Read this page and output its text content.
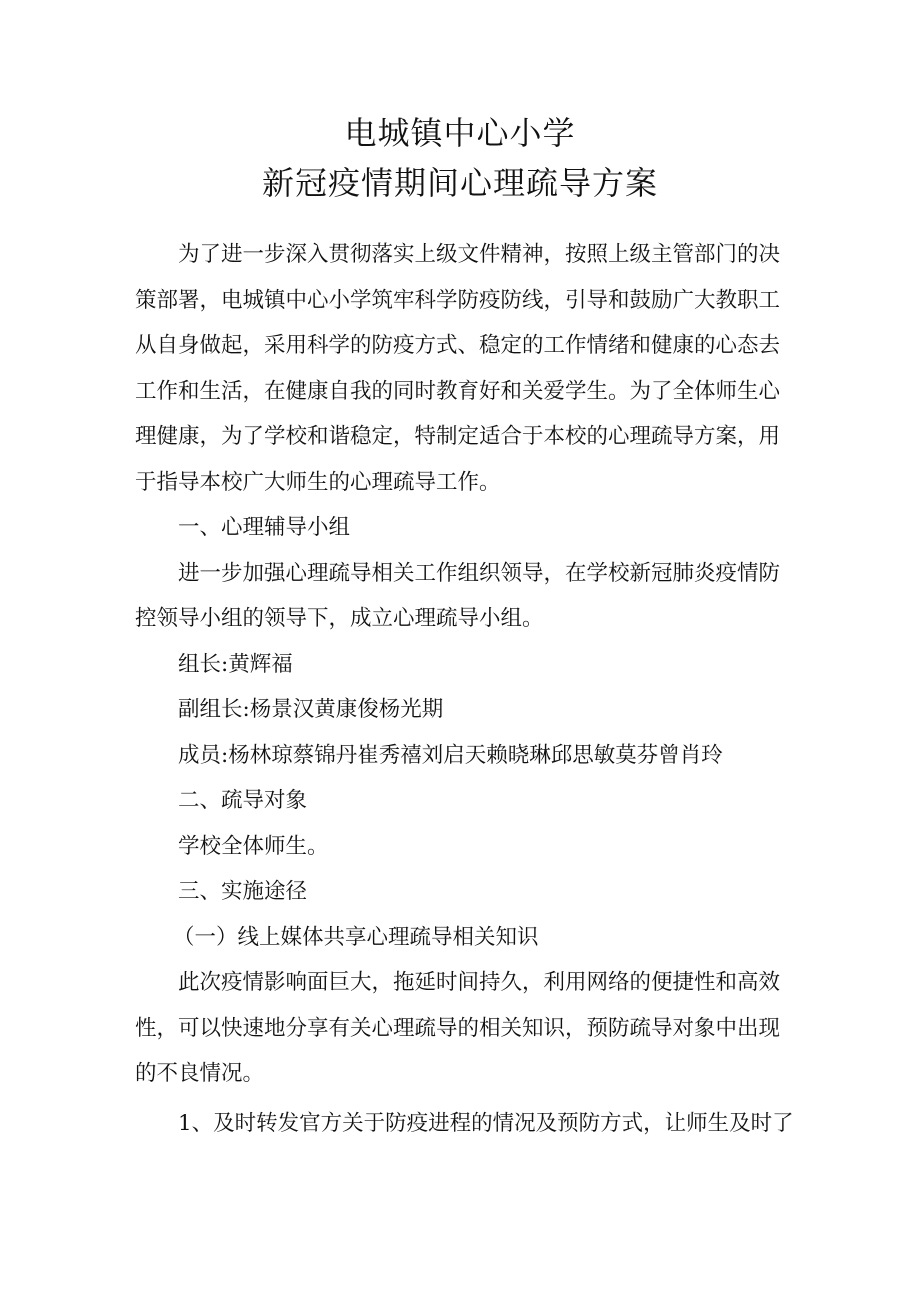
电城镇中心小学
新冠疫情期间心理疏导方案

为了进一步深入贯彻落实上级文件精神，按照上级主管部门的决
策部署，电城镇中心小学筑牢科学防疫防线，引导和鼓励广大教职工
从自身做起，采用科学的防疫方式、稳定的工作情绪和健康的心态去
工作和生活，在健康自我的同时教育好和关爱学生。为了全体师生心
理健康，为了学校和谐稳定，特制定适合于本校的心理疏导方案，用
于指导本校广大师生的心理疏导工作。

一、心理辅导小组

进一步加强心理疏导相关工作组织领导，在学校新冠肺炎疫情防
控领导小组的领导下，成立心理疏导小组。

组长:黄辉福
副组长:杨景汉黄康俊杨光期
成员:杨林琼蔡锦丹崔秀禧刘启天赖晓琳邱思敏莫芬曾肖玲
二、疏导对象
学校全体师生。
三、实施途径
（一）线上媒体共享心理疏导相关知识

此次疫情影响面巨大，拖延时间持久，利用网络的便捷性和高效
性，可以快速地分享有关心理疏导的相关知识，预防疏导对象中出现
的不良情况。

1、及时转发官方关于防疫进程的情况及预防方式，让师生及时了
